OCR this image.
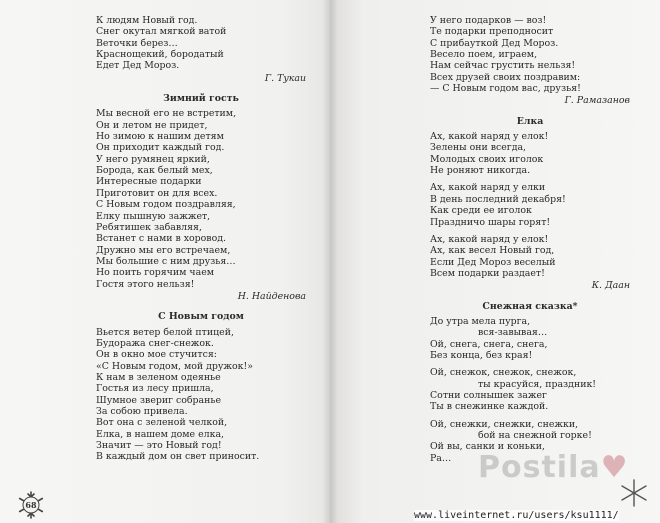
К людям Новый год.
Снег окутал мягкой ватой
Веточки берез…
Краснощекий, бородатый
Едет Дед Мороз.
Г. Тукаи
Зимний гость
Мы весной его не встретим,
Он и летом не придет,
Но зимою к нашим детям
Он приходит каждый год.
У него румянец яркий,
Борода, как белый мех,
Интересные подарки
Приготовит он для всех.
С Новым годом поздравляя,
Елку пышную зажжет,
Ребятишек забавляя,
Встанет с нами в хоровод.
Дружно мы его встречаем,
Мы большие с ним друзья…
Но поить горячим чаем
Гостя этого нельзя!
Н. Найденова
С Новым годом
Вьется ветер белой птицей,
Будоража снег-снежок.
Он в окно мое стучится:
«С Новым годом, мой дружок!»
К нам в зеленом одеянье
Гостья из лесу пришла,
Шумное звериг собранье
За собою привела.
Вот она с зеленой челкой,
Елка, в нашем доме елка,
Значит — это Новый год!
В каждый дом он свет приносит.
У него подарков — воз!
Те подарки преподносит
С прибауткой Дед Мороз.
Весело поем, играем,
Нам сейчас грустить нельзя!
Всех друзей своих поздравим:
— С Новым годом вас, друзья!
Г. Рамазанов
Елка
Ах, какой наряд у елок!
Зелены они всегда,
Молодых своих иголок
Не роняют никогда.
Ах, какой наряд у елки
В день последний декабря!
Как среди ее иголок
Праздничо шары горят!
Ах, какой наряд у елок!
Ах, как весел Новый год,
Если Дед Мороз веселый
Всем подарки раздает!
К. Даан
Снежная сказка*
До утра мела пурга,
вся-завывая…
Ой, снега, снега, снега,
Без конца, без края!
Ой, снежок, снежок, снежок,
ты красуйся, праздник!
Сотни солнышек зажег
Ты в снежинке каждой.
Ой, снежки, снежки, снежки,
бой на снежной горке!
Ой вы, санки и коньки,
Ра…
68
Postila♥
www.liveinternet.ru/users/ksu1111/
